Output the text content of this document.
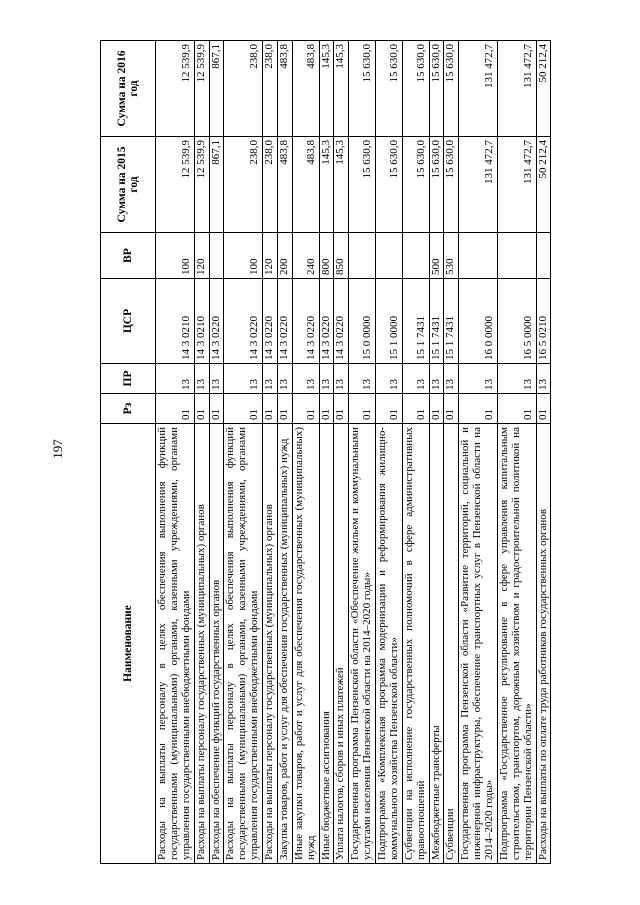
197
Наименование	Рз	ПР	ЦСР	ВР	Сумма на 2015 год	Сумма на 2016 год
Расходы на выплаты персоналу в целях обеспечения выполнения функций государственными (муниципальными) органами, казенными учреждениями, органами управления государственными внебюджетными фондами	01	13	14 3 0210	100	12 539,9	12 539,9
Расходы на выплаты персоналу государственных (муниципальных) органов	01	13	14 3 0210	120	12 539,9	12 539,9
Расходы на обеспечение функций государственных органов	01	13	14 3 0220		867,1	867,1
Расходы на выплаты персоналу в целях обеспечения выполнения функций государственными (муниципальными) органами, казенными учреждениями, органами управления государственными внебюджетными фондами	01	13	14 3 0220	100	238,0	238,0
Расходы на выплаты персоналу государственных (муниципальных) органов	01	13	14 3 0220	120	238,0	238,0
Закупка товаров, работ и услуг для обеспечения государственных (муниципальных) нужд	01	13	14 3 0220	200	483,8	483,8
Иные закупки товаров, работ и услуг для обеспечения государственных (муниципальных) нужд	01	13	14 3 0220	240	483,8	483,8
Иные бюджетные ассигнования	01	13	14 3 0220	800	145,3	145,3
Уплата налогов, сборов и иных платежей	01	13	14 3 0220	850	145,3	145,3
Государственная программа Пензенской области «Обеспечение жильем и коммунальными услугами населения Пензенской области на 2014–2020 годы»	01	13	15 0 0000		15 630,0	15 630,0
Подпрограмма «Комплексная программа модернизации и реформирования жилищно-коммунального хозяйства Пензенской области»	01	13	15 1 0000		15 630,0	15 630,0
Субвенции на исполнение государственных полномочий в сфере административных правоотношений	01	13	15 1 7431		15 630,0	15 630,0
Межбюджетные трансферты	01	13	15 1 7431	500	15 630,0	15 630,0
Субвенции	01	13	15 1 7431	530	15 630,0	15 630,0
Государственная программа Пензенской области «Развитие территорий, социальной и инженерной инфраструктуры, обеспечение транспортных услуг в Пензенской области на 2014–2020 годы»	01	13	16 0 0000		131 472,7	131 472,7
Подпрограмма «Государственное регулирование в сфере управления капитальным строительством, транспортом, дорожным хозяйством и градостроительной политикой на территории Пензенской области»	01	13	16 5 0000		131 472,7	131 472,7
Расходы на выплаты по оплате труда работников государственных органов	01	13	16 5 0210		50 212,4	50 212,4
